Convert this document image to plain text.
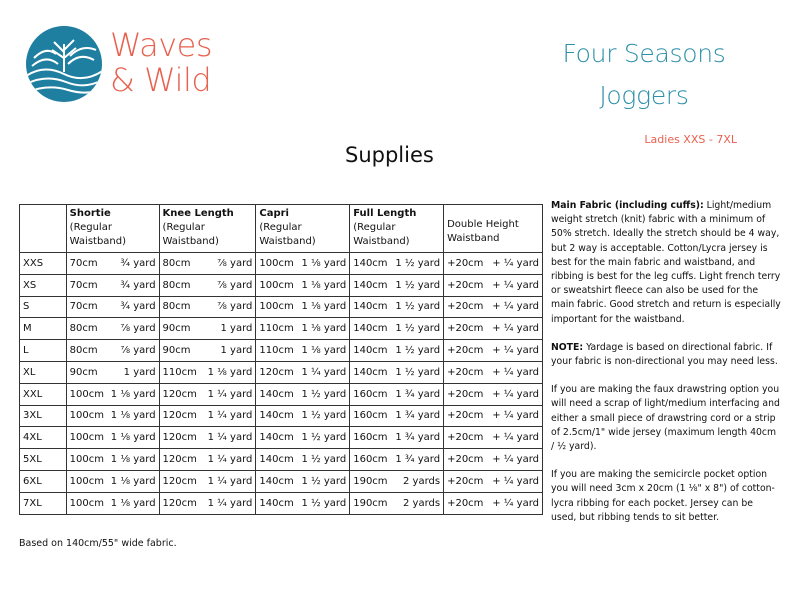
Waves
& Wild
Four Seasons
Joggers
Ladies XXS - 7XL
Supplies

	Shortie
(Regular
Waistband)	Knee Length
(Regular
Waistband)	Capri
(Regular
Waistband)	Full Length
(Regular
Waistband)	Double Height
Waistband

XXS	70cm ¾ yard	80cm ⅞ yard	100cm 1 ⅛ yard	140cm 1 ½ yard	+20cm + ¼ yard

XS	70cm ¾ yard	80cm ⅞ yard	100cm 1 ⅛ yard	140cm 1 ½ yard	+20cm + ¼ yard

S	70cm ¾ yard	80cm ⅞ yard	100cm 1 ⅛ yard	140cm 1 ½ yard	+20cm + ¼ yard

M	80cm ⅞ yard	90cm 1 yard	110cm 1 ⅛ yard	140cm 1 ½ yard	+20cm + ¼ yard

L	80cm ⅞ yard	90cm 1 yard	110cm 1 ⅛ yard	140cm 1 ½ yard	+20cm + ¼ yard

XL	90cm 1 yard	110cm 1 ⅛ yard	120cm 1 ¼ yard	140cm 1 ½ yard	+20cm + ¼ yard

XXL	100cm 1 ⅛ yard	120cm 1 ¼ yard	140cm 1 ½ yard	160cm 1 ¾ yard	+20cm + ¼ yard

3XL	100cm 1 ⅛ yard	120cm 1 ¼ yard	140cm 1 ½ yard	160cm 1 ¾ yard	+20cm + ¼ yard

4XL	100cm 1 ⅛ yard	120cm 1 ¼ yard	140cm 1 ½ yard	160cm 1 ¾ yard	+20cm + ¼ yard

5XL	100cm 1 ⅛ yard	120cm 1 ¼ yard	140cm 1 ½ yard	160cm 1 ¾ yard	+20cm + ¼ yard

6XL	100cm 1 ⅛ yard	120cm 1 ¼ yard	140cm 1 ½ yard	190cm 2 yards	+20cm + ¼ yard

7XL	100cm 1 ⅛ yard	120cm 1 ¼ yard	140cm 1 ½ yard	190cm 2 yards	+20cm + ¼ yard
Based on 140cm/55" wide fabric.

Main Fabric (including cuffs): Light/medium weight stretch (knit) fabric with a minimum of 50% stretch. Ideally the stretch should be 4 way, but 2 way is acceptable. Cotton/Lycra jersey is best for the main fabric and waistband, and ribbing is best for the leg cuffs. Light french terry or sweatshirt fleece can also be used for the main fabric. Good stretch and return is especially important for the waistband.

NOTE: Yardage is based on directional fabric. If your fabric is non-directional you may need less.

If you are making the faux drawstring option you will need a scrap of light/medium interfacing and either a small piece of drawstring cord or a strip of 2.5cm/1" wide jersey (maximum length 40cm / ½ yard).

If you are making the semicircle pocket option you will need 3cm x 20cm (1 ⅛" x 8") of cotton-lycra ribbing for each pocket. Jersey can be used, but ribbing tends to sit better.
